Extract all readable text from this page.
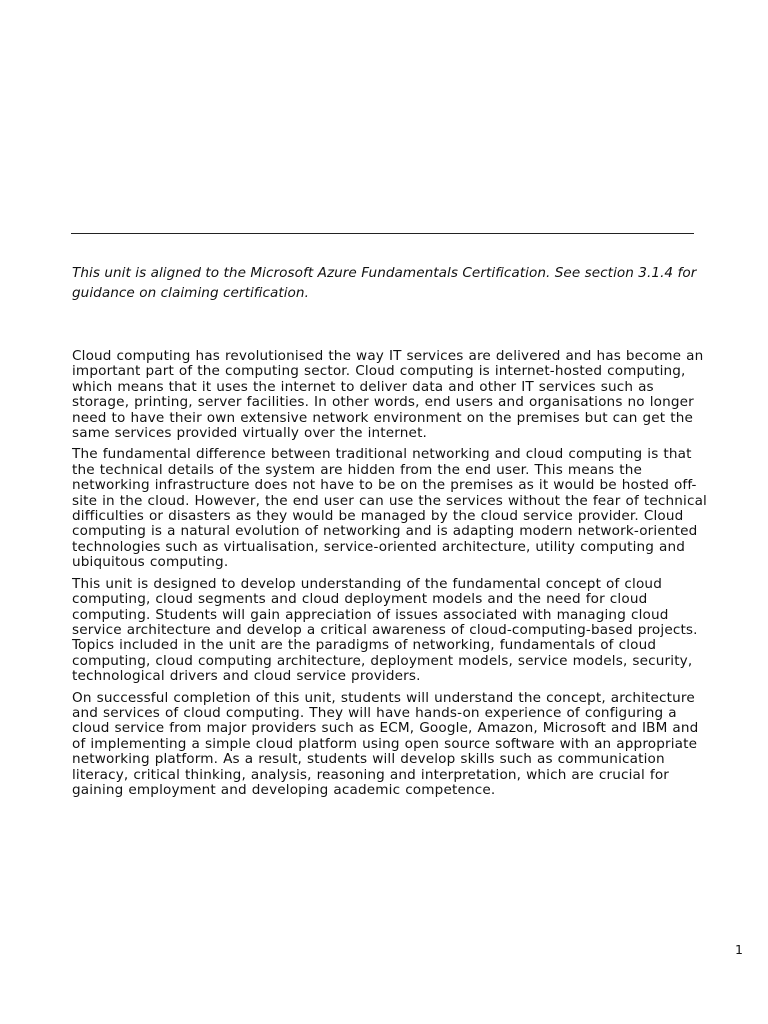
This unit is aligned to the Microsoft Azure Fundamentals Certification. See section 3.1.4 for guidance on claiming certification.

Cloud computing has revolutionised the way IT services are delivered and has become an important part of the computing sector. Cloud computing is internet-hosted computing, which means that it uses the internet to deliver data and other IT services such as storage, printing, server facilities. In other words, end users and organisations no longer need to have their own extensive network environment on the premises but can get the same services provided virtually over the internet.

The fundamental difference between traditional networking and cloud computing is that the technical details of the system are hidden from the end user. This means the networking infrastructure does not have to be on the premises as it would be hosted off-site in the cloud. However, the end user can use the services without the fear of technical difficulties or disasters as they would be managed by the cloud service provider. Cloud computing is a natural evolution of networking and is adapting modern network-oriented technologies such as virtualisation, service-oriented architecture, utility computing and ubiquitous computing.

This unit is designed to develop understanding of the fundamental concept of cloud computing, cloud segments and cloud deployment models and the need for cloud computing. Students will gain appreciation of issues associated with managing cloud service architecture and develop a critical awareness of cloud-computing-based projects. Topics included in the unit are the paradigms of networking, fundamentals of cloud computing, cloud computing architecture, deployment models, service models, security, technological drivers and cloud service providers.

On successful completion of this unit, students will understand the concept, architecture and services of cloud computing. They will have hands-on experience of configuring a cloud service from major providers such as ECM, Google, Amazon, Microsoft and IBM and of implementing a simple cloud platform using open source software with an appropriate networking platform. As a result, students will develop skills such as communication literacy, critical thinking, analysis, reasoning and interpretation, which are crucial for gaining employment and developing academic competence.

1
